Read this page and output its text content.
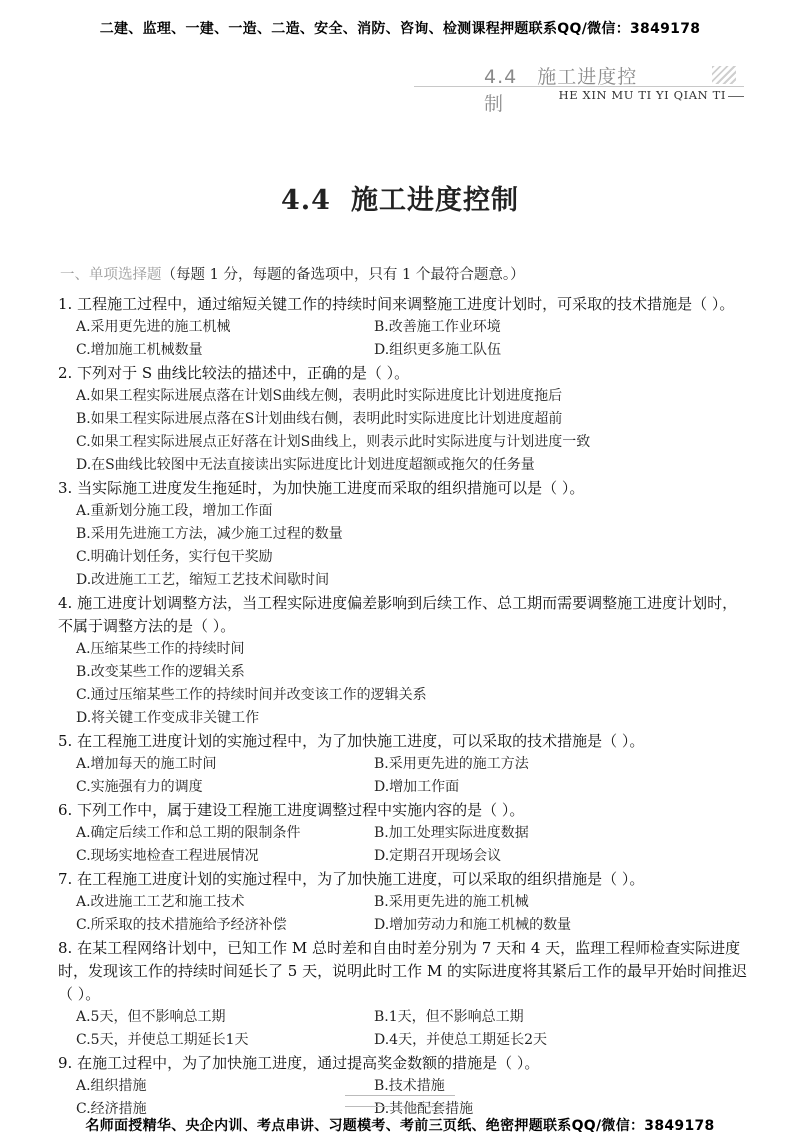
二建、监理、一建、一造、二造、安全、消防、咨询、检测课程押题联系QQ/微信：3849178
4.4　施工进度控制	HE XIN MU TI YI QIAN TI
4.4 施工进度控制
一、单项选择题（每题 1 分，每题的备选项中，只有 1 个最符合题意。）
1. 工程施工过程中，通过缩短关键工作的持续时间来调整施工进度计划时，可采取的技术措施是（ ）。
A.采用更先进的施工机械	B.改善施工作业环境
C.增加施工机械数量	D.组织更多施工队伍
2. 下列对于 S 曲线比较法的描述中，正确的是（ ）。
A.如果工程实际进展点落在计划S曲线左侧，表明此时实际进度比计划进度拖后
B.如果工程实际进展点落在S计划曲线右侧，表明此时实际进度比计划进度超前
C.如果工程实际进展点正好落在计划S曲线上，则表示此时实际进度与计划进度一致
D.在S曲线比较图中无法直接读出实际进度比计划进度超额或拖欠的任务量
3. 当实际施工进度发生拖延时，为加快施工进度而采取的组织措施可以是（ ）。
A.重新划分施工段，增加工作面
B.采用先进施工方法，减少施工过程的数量
C.明确计划任务，实行包干奖励
D.改进施工工艺，缩短工艺技术间歇时间
4. 施工进度计划调整方法，当工程实际进度偏差影响到后续工作、总工期而需要调整施工进度计划时，不属于调整方法的是（ ）。
A.压缩某些工作的持续时间
B.改变某些工作的逻辑关系
C.通过压缩某些工作的持续时间并改变该工作的逻辑关系
D.将关键工作变成非关键工作
5. 在工程施工进度计划的实施过程中，为了加快施工进度，可以采取的技术措施是（ ）。
A.增加每天的施工时间	B.采用更先进的施工方法
C.实施强有力的调度	D.增加工作面
6. 下列工作中，属于建设工程施工进度调整过程中实施内容的是（ ）。
A.确定后续工作和总工期的限制条件	B.加工处理实际进度数据
C.现场实地检查工程进展情况	D.定期召开现场会议
7. 在工程施工进度计划的实施过程中，为了加快施工进度，可以采取的组织措施是（ ）。
A.改进施工工艺和施工技术	B.采用更先进的施工机械
C.所采取的技术措施给予经济补偿	D.增加劳动力和施工机械的数量
8. 在某工程网络计划中，已知工作 M 总时差和自由时差分别为 7 天和 4 天，监理工程师检查实际进度时，发现该工作的持续时间延长了 5 天，说明此时工作 M 的实际进度将其紧后工作的最早开始时间推迟（ ）。
A.5天，但不影响总工期	B.1天，但不影响总工期
C.5天，并使总工期延长1天	D.4天，并使总工期延长2天
9. 在施工过程中，为了加快施工进度，通过提高奖金数额的措施是（ ）。
A.组织措施	B.技术措施
C.经济措施	D.其他配套措施
名师面授精华、央企内训、考点串讲、习题模考、考前三页纸、绝密押题联系QQ/微信：3849178
